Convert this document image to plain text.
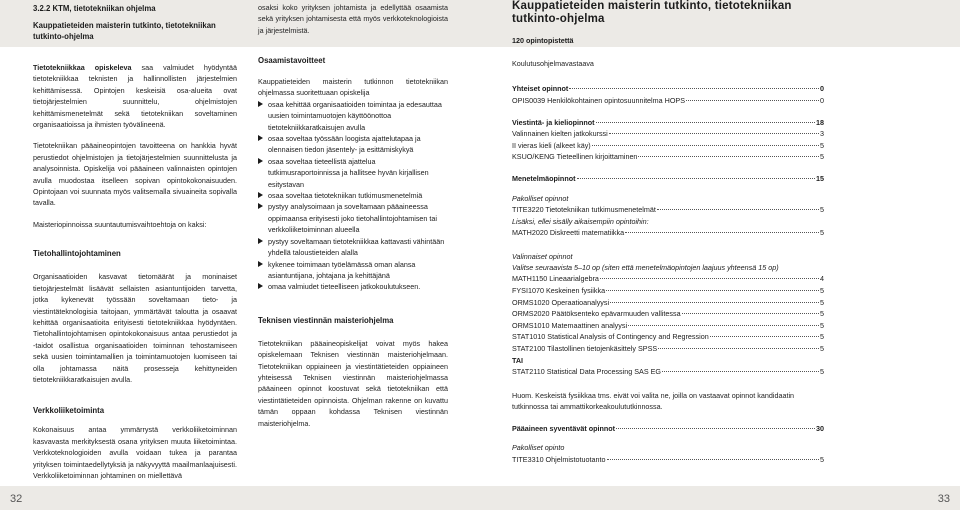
32	33
3.2.2 KTM, tietotekniikan ohjelma
Kauppatieteiden maisterin tutkinto, tietotekniikan tutkinto-ohjelma

Tietotekniikkaa opiskeleva saa valmiudet hyödyntää tietotekniikkaa teknisten ja hallinnollisten järjestelmien kehittämisessä. Opintojen keskeisiä osa-alueita ovat tietojärjestelmien suunnittelu, ohjelmistojen kehittämismenetelmät sekä tietotekniikan soveltaminen organisaatioissa ja ihmisten työvälineenä.

Tietotekniikan pääaineopintojen tavoitteena on hankkia hyvät perustiedot ohjelmistojen ja tietojärjestelmien suunnittelusta ja analysoinnista. Opiskelija voi pääaineen valinnaisten opintojen avulla muodostaa itselleen sopivan opintokokonaisuuden. Opintojaan voi suunnata myös valitsemalla sivuaineita sopivalla tavalla.

Maisteriopinnoissa suuntautumisvaihtoehtoja on kaksi:

Tietohallintojohtaminen

Organisaatioiden kasvavat tietomäärät ja moninaiset tietojärjestelmät lisäävät sellaisten asiantuntijoiden tarvetta, jotka kykenevät työssään soveltamaan tieto- ja viestintäteknologisia taitojaan, ymmärtävät taloutta ja osaavat kehittää organisaatioita erityisesti tietotekniikkaa hyödyntäen. Tietohallintojohtamisen opintokokonaisuus antaa perustiedot ja -taidot osallistua organisaatioiden toiminnan tehostamiseen sekä uusien toimintamallien ja toimintamuotojen luomiseen tai olla johtamassa näitä prosesseja kehittyneiden tietotekniikkaratkaisujen avulla.

Verkkoliiketoiminta

Kokonaisuus antaa ymmärrystä verkkoliiketoiminnan kasvavasta merkityksestä osana yrityksen muuta liiketoimintaa. Verkkoteknologioiden avulla voidaan tukea ja parantaa yrityksen toimintaedellytyksiä ja näkyvyyttä maailmanlaajuisesti. Verkkoliiketoiminnan johtaminen on miellettävä

osaksi koko yrityksen johtamista ja edellyttää osaamista sekä yrityksen johtamisesta että myös verkkoteknologioista ja järjestelmistä.

Osaamistavoitteet

Kauppatieteiden maisterin tutkinnon tietotekniikan ohjelmassa suoritettuaan opiskelija

osaa kehittää organisaatioiden toimintaa ja edesauttaa uusien toimintamuotojen käyttöönottoa tietotekniikkaratkaisujen avulla
osaa soveltaa työssään loogista ajattelutapaa ja olennaisen tiedon jäsentely- ja esittämiskykyä
osaa soveltaa tieteellistä ajattelua tutkimusraportoinnissa ja hallitsee hyvän kirjallisen esitystavan
osaa soveltaa tietotekniikan tutkimusmenetelmiä
pystyy analysoimaan ja soveltamaan pääaineessa oppimaansa erityisesti joko tietohallintojohtamisen tai verkkoliiketoiminnan alueella
pystyy soveltamaan tietotekniikkaa kattavasti vähintään yhdellä taloustieteiden alalla
kykenee toimimaan työelämässä oman alansa asiantuntijana, johtajana ja kehittäjänä
omaa valmiudet tieteelliseen jatkokoulutukseen.
Teknisen viestinnän maisteriohjelma

Tietotekniikan pääaineopiskelijat voivat myös hakea opiskelemaan Teknisen viestinnän maisteriohjelmaan. Tietotekniikan oppiaineen ja viestintätieteiden oppiaineen yhteisessä Teknisen viestinnän maisteriohjelmassa pääaineen opinnot koostuvat sekä tietotekniikan että viestintätieteiden opinnoista. Ohjelman rakenne on kuvattu tämän oppaan kohdassa Teknisen viestinnän maisteriohjelma.

Kauppatieteiden maisterin tutkinto, tietotekniikan tutkinto-ohjelma
120 opintopistettä
Koulutusohjelmavastaava
Yhteiset opinnot	0
OPIS0039 Henkilökohtainen opintosuunnitelma HOPS	0
Viestintä- ja kieliopinnot	18
Valinnainen kielten jatkokurssi	3
II vieras kieli (alkeet käy)	5
KSUO/KENG Tieteellinen kirjoittaminen	5
Menetelmäopinnot	15
Pakolliset opinnot
TITE3220 Tietotekniikan tutkimusmenetelmät	5
Lisäksi, ellei sisälly aikaisempiin opintoihin:
MATH2020 Diskreetti matematiikka	5
Valinnaiset opinnot
Valitse seuraavista 5–10 op (siten että menetelmäopintojen laajuus yhteensä 15 op)
MATH1150 Lineaarialgebra	4
FYSI1070 Keskeinen fysiikka	5
ORMS1020 Operaatioanalyysi	5
ORMS2020 Päätöksenteko epävarmuuden vallitessa	5
ORMS1010 Matemaattinen analyysi	5
STAT1010 Statistical Analysis of Contingency and Regression	5
STAT2100 Tilastollinen tietojenkäsittely SPSS	5
TAI
STAT2110 Statistical Data Processing SAS EG	5

Huom. Keskeistä fysiikkaa tms. eivät voi valita ne, joilla on vastaavat opinnot kandidaatin tutkinnossa tai ammattikorkeakoulututkinnossa.

Pääaineen syventävät opinnot	30
Pakolliset opinto
TITE3310 Ohjelmistotuotanto	5
